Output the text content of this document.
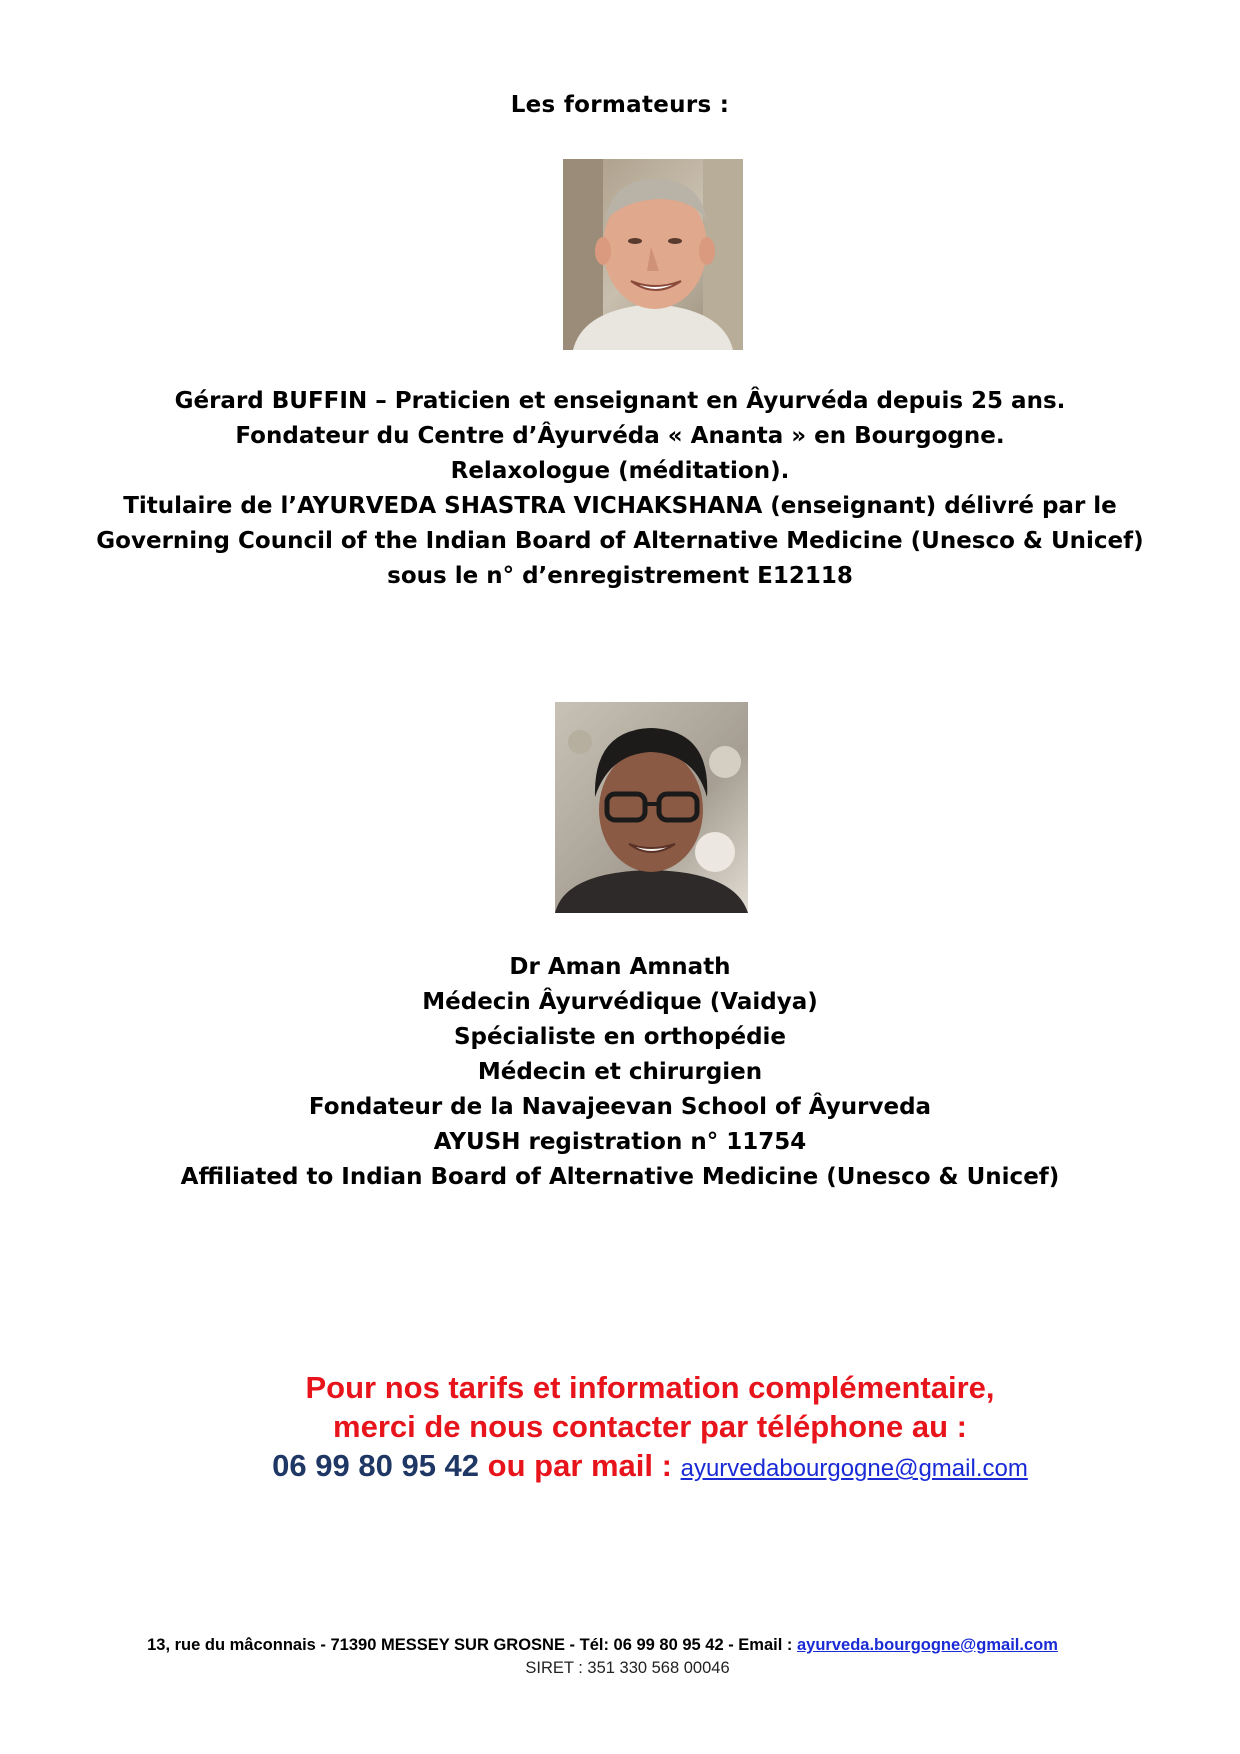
Les formateurs :
Gérard BUFFIN – Praticien et enseignant en Âyurvéda depuis 25 ans.
Fondateur du Centre d’Âyurvéda « Ananta » en Bourgogne.
Relaxologue (méditation).
Titulaire de l’AYURVEDA SHASTRA VICHAKSHANA (enseignant) délivré par le
Governing Council of the Indian Board of Alternative Medicine (Unesco & Unicef)
sous le n° d’enregistrement E12118
Dr Aman Amnath
Médecin Âyurvédique (Vaidya)
Spécialiste en orthopédie
Médecin et chirurgien
Fondateur de la Navajeevan School of Âyurveda
AYUSH registration n° 11754
Affiliated to Indian Board of Alternative Medicine (Unesco & Unicef)
Pour nos tarifs et information complémentaire,
merci de nous contacter par téléphone au :
06 99 80 95 42 ou par mail : ayurvedabourgogne@gmail.com
13, rue du mâconnais - 71390 MESSEY SUR GROSNE - Tél: 06 99 80 95 42 - Email : ayurveda.bourgogne@gmail.com
SIRET : 351 330 568 00046
